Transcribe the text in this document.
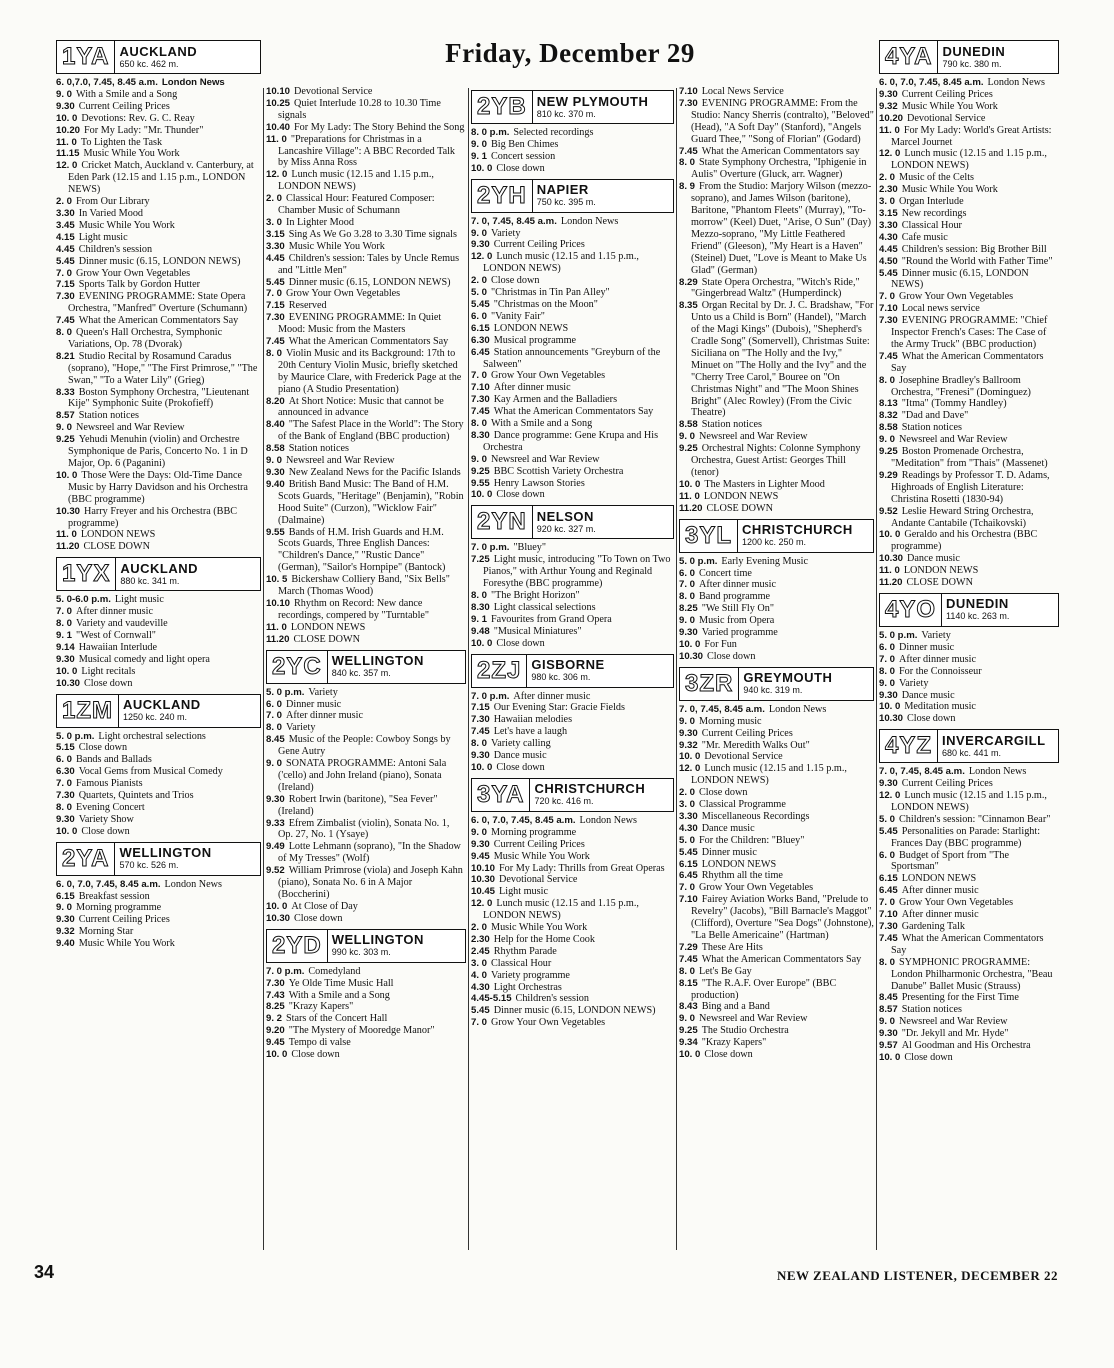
Friday, December 29
1YA AUCKLAND
650 kc. 462 m.
6. 0,7.0, 7.45, 8.45 a.m. London News
9. 0 With a Smile and a Song
9.30 Current Ceiling Prices
10. 0 Devotions: Rev. G. C. Reay
10.20 For My Lady: "Mr. Thunder"
11. 0 To Lighten the Task
11.15 Music While You Work
12. 0 Cricket Match, Auckland v. Canterbury, at Eden Park (12.15 and 1.15 p.m., LONDON NEWS)
2. 0 From Our Library
3.30 In Varied Mood
3.45 Music While You Work
4.15 Light music
4.45 Children's session
5.45 Dinner music (6.15, LONDON NEWS)
7. 0 Grow Your Own Vegetables
7.15 Sports Talk by Gordon Hutter
7.30 EVENING PROGRAMME: State Opera Orchestra, "Manfred" Overture (Schumann)
7.45 What the American Commentators Say
8. 0 Queen's Hall Orchestra, Symphonic Variations, Op. 78 (Dvorak)
8.21 Studio Recital by Rosamund Caradus (soprano), "Hope," "The First Primrose," "The Swan," "To a Water Lily" (Grieg)
8.33 Boston Symphony Orchestra, "Lieutenant Kije" Symphonic Suite (Prokofieff)
8.57 Station notices
9. 0 Newsreel and War Review
9.25 Yehudi Menuhin (violin) and Orchestre Symphonique de Paris, Concerto No. 1 in D Major, Op. 6 (Paganini)
10. 0 Those Were the Days: Old-Time Dance Music by Harry Davidson and his Orchestra (BBC programme)
10.30 Harry Freyer and his Orchestra (BBC programme)
11. 0 LONDON NEWS
11.20 CLOSE DOWN
1YX AUCKLAND
880 kc. 341 m.
5. 0-6.0 p.m. Light music
7. 0 After dinner music
8. 0 Variety and vaudeville
9. 1 "West of Cornwall"
9.14 Hawaiian Interlude
9.30 Musical comedy and light opera
10. 0 Light recitals
10.30 Close down
1ZM AUCKLAND
1250 kc. 240 m.
5. 0 p.m. Light orchestral selections
5.15 Close down
6. 0 Bands and Ballads
6.30 Vocal Gems from Musical Comedy
7. 0 Famous Pianists
7.30 Quartets, Quintets and Trios
8. 0 Evening Concert
9.30 Variety Show
10. 0 Close down
2YA WELLINGTON
570 kc. 526 m.
6. 0, 7.0, 7.45, 8.45 a.m. London News
6.15 Breakfast session
9. 0 Morning programme
9.30 Current Ceiling Prices
9.32 Morning Star
9.40 Music While You Work
10.10 Devotional Service
10.25 Quiet Interlude 10.28 to 10.30 Time signals
10.40 For My Lady: The Story Behind the Song
11. 0 "Preparations for Christmas in a Lancashire Village": A BBC Recorded Talk by Miss Anna Ross
12. 0 Lunch music (12.15 and 1.15 p.m., LONDON NEWS)
2. 0 Classical Hour: Featured Composer: Chamber Music of Schumann
3. 0 In Lighter Mood
3.15 Sing As We Go 3.28 to 3.30 Time signals
3.30 Music While You Work
4.45 Children's session: Tales by Uncle Remus and "Little Men"
5.45 Dinner music (6.15, LONDON NEWS)
7. 0 Grow Your Own Vegetables
7.15 Reserved
7.30 EVENING PROGRAMME: In Quiet Mood: Music from the Masters
7.45 What the American Commentators Say
8. 0 Violin Music and its Background: 17th to 20th Century Violin Music, briefly sketched by Maurice Clare, with Frederick Page at the piano (A Studio Presentation)
8.20 At Short Notice: Music that cannot be announced in advance
8.40 "The Safest Place in the World": The Story of the Bank of England (BBC production)
8.58 Station notices
9. 0 Newsreel and War Review
9.30 New Zealand News for the Pacific Islands
9.40 British Band Music: The Band of H.M. Scots Guards, "Heritage" (Benjamin), "Robin Hood Suite" (Curzon), "Wicklow Fair" (Dalmaine)
9.55 Bands of H.M. Irish Guards and H.M. Scots Guards, Three English Dances: "Children's Dance," "Rustic Dance" (German), "Sailor's Hornpipe" (Bantock)
10. 5 Bickershaw Colliery Band, "Six Bells" March (Thomas Wood)
10.10 Rhythm on Record: New dance recordings, compered by "Turntable"
11. 0 LONDON NEWS
11.20 CLOSE DOWN
2YC WELLINGTON
840 kc. 357 m.
5. 0 p.m. Variety
6. 0 Dinner music
7. 0 After dinner music
8. 0 Variety
8.45 Music of the People: Cowboy Songs by Gene Autry
9. 0 SONATA PROGRAMME: Antoni Sala ('cello) and John Ireland (piano), Sonata (Ireland)
9.30 Robert Irwin (baritone), "Sea Fever" (Ireland)
9.33 Efrem Zimbalist (violin), Sonata No. 1, Op. 27, No. 1 (Ysaye)
9.49 Lotte Lehmann (soprano), "In the Shadow of My Tresses" (Wolf)
9.52 William Primrose (viola) and Joseph Kahn (piano), Sonata No. 6 in A Major (Boccherini)
10. 0 At Close of Day
10.30 Close down
2YD WELLINGTON
990 kc. 303 m.
7. 0 p.m. Comedyland
7.30 Ye Olde Time Music Hall
7.43 With a Smile and a Song
8.25 "Krazy Kapers"
9. 2 Stars of the Concert Hall
9.20 "The Mystery of Mooredge Manor"
9.45 Tempo di valse
10. 0 Close down
2YB NEW PLYMOUTH
810 kc. 370 m.
8. 0 p.m. Selected recordings
9. 0 Big Ben Chimes
9. 1 Concert session
10. 0 Close down
2YH NAPIER
750 kc. 395 m.
7. 0, 7.45, 8.45 a.m. London News
9. 0 Variety
9.30 Current Ceiling Prices
12. 0 Lunch music (12.15 and 1.15 p.m., LONDON NEWS)
2. 0 Close down
5. 0 "Christmas in Tin Pan Alley"
5.45 "Christmas on the Moon"
6. 0 "Vanity Fair"
6.15 LONDON NEWS
6.30 Musical programme
6.45 Station announcements "Greyburn of the Salween"
7. 0 Grow Your Own Vegetables
7.10 After dinner music
7.30 Kay Armen and the Balladiers
7.45 What the American Commentators Say
8. 0 With a Smile and a Song
8.30 Dance programme: Gene Krupa and His Orchestra
9. 0 Newsreel and War Review
9.25 BBC Scottish Variety Orchestra
9.55 Henry Lawson Stories
10. 0 Close down
2YN NELSON
920 kc. 327 m.
7. 0 p.m. "Bluey"
7.25 Light music, introducing "To Town on Two Pianos," with Arthur Young and Reginald Foresythe (BBC programme)
8. 0 "The Bright Horizon"
8.30 Light classical selections
9. 1 Favourites from Grand Opera
9.48 "Musical Miniatures"
10. 0 Close down
2ZJ GISBORNE
980 kc. 306 m.
7. 0 p.m. After dinner music
7.15 Our Evening Star: Gracie Fields
7.30 Hawaiian melodies
7.45 Let's have a laugh
8. 0 Variety calling
9.30 Dance music
10. 0 Close down
3YA CHRISTCHURCH
720 kc. 416 m.
6. 0, 7.0, 7.45, 8.45 a.m. London News
9. 0 Morning programme
9.30 Current Ceiling Prices
9.45 Music While You Work
10.10 For My Lady: Thrills from Great Operas
10.30 Devotional Service
10.45 Light music
12. 0 Lunch music (12.15 and 1.15 p.m., LONDON NEWS)
2. 0 Music While You Work
2.30 Help for the Home Cook
2.45 Rhythm Parade
3. 0 Classical Hour
4. 0 Variety programme
4.30 Light Orchestras
4.45-5.15 Children's session
5.45 Dinner music (6.15, LONDON NEWS)
7. 0 Grow Your Own Vegetables
7.10 Local News Service
7.30 EVENING PROGRAMME: From the Studio: Nancy Sherris (contralto), "Beloved" (Head), "A Soft Day" (Stanford), "Angels Guard Thee," "Song of Florian" (Godard)
7.45 What the American Commentators say
8. 0 State Symphony Orchestra, "Iphigenie in Aulis" Overture (Gluck, arr. Wagner)
8. 9 From the Studio: Marjory Wilson (mezzo-soprano), and James Wilson (baritone), Baritone, "Phantom Fleets" (Murray), "To-morrow" (Keel) Duet, "Arise, O Sun" (Day) Mezzo-soprano, "My Little Feathered Friend" (Gleeson), "My Heart is a Haven" (Steinel) Duet, "Love is Meant to Make Us Glad" (German)
8.29 State Opera Orchestra, "Witch's Ride," "Gingerbread Waltz" (Humperdinck)
8.35 Organ Recital by Dr. J. C. Bradshaw, "For Unto us a Child is Born" (Handel), "March of the Magi Kings" (Dubois), "Shepherd's Cradle Song" (Somervell), Christmas Suite: Siciliana on "The Holly and the Ivy," Minuet on "The Holly and the Ivy" and the "Cherry Tree Carol," Bouree on "On Christmas Night" and "The Moon Shines Bright" (Alec Rowley) (From the Civic Theatre)
8.58 Station notices
9. 0 Newsreel and War Review
9.25 Orchestral Nights: Colonne Symphony Orchestra, Guest Artist: Georges Thill (tenor)
10. 0 The Masters in Lighter Mood
11. 0 LONDON NEWS
11.20 CLOSE DOWN
3YL CHRISTCHURCH
1200 kc. 250 m.
5. 0 p.m. Early Evening Music
6. 0 Concert time
7. 0 After dinner music
8. 0 Band programme
8.25 "We Still Fly On"
9. 0 Music from Opera
9.30 Varied programme
10. 0 For Fun
10.30 Close down
3ZR GREYMOUTH
940 kc. 319 m.
7. 0, 7.45, 8.45 a.m. London News
9. 0 Morning music
9.30 Current Ceiling Prices
9.32 "Mr. Meredith Walks Out"
10. 0 Devotional Service
12. 0 Lunch music (12.15 and 1.15 p.m., LONDON NEWS)
2. 0 Close down
3. 0 Classical Programme
3.30 Miscellaneous Recordings
4.30 Dance music
5. 0 For the Children: "Bluey"
5.45 Dinner music
6.15 LONDON NEWS
6.45 Rhythm all the time
7. 0 Grow Your Own Vegetables
7.10 Fairey Aviation Works Band, "Prelude to Revelry" (Jacobs), "Bill Barnacle's Maggot" (Clifford), Overture "Sea Dogs" (Johnstone), "La Belle Americaine" (Hartman)
7.29 These Are Hits
7.45 What the American Commentators Say
8. 0 Let's Be Gay
8.15 "The R.A.F. Over Europe" (BBC production)
8.43 Bing and a Band
9. 0 Newsreel and War Review
9.25 The Studio Orchestra
9.34 "Krazy Kapers"
10. 0 Close down
4YA DUNEDIN
790 kc. 380 m.
6. 0, 7.0, 7.45, 8.45 a.m. London News
9.30 Current Ceiling Prices
9.32 Music While You Work
10.20 Devotional Service
11. 0 For My Lady: World's Great Artists: Marcel Journet
12. 0 Lunch music (12.15 and 1.15 p.m., LONDON NEWS)
2. 0 Music of the Celts
2.30 Music While You Work
3. 0 Organ Interlude
3.15 New recordings
3.30 Classical Hour
4.30 Cafe music
4.45 Children's session: Big Brother Bill
4.50 "Round the World with Father Time"
5.45 Dinner music (6.15, LONDON NEWS)
7. 0 Grow Your Own Vegetables
7.10 Local news service
7.30 EVENING PROGRAMME: "Chief Inspector French's Cases: The Case of the Army Truck" (BBC production)
7.45 What the American Commentators Say
8. 0 Josephine Bradley's Ballroom Orchestra, "Frenesi" (Dominguez)
8.13 "Itma" (Tommy Handley)
8.32 "Dad and Dave"
8.58 Station notices
9. 0 Newsreel and War Review
9.25 Boston Promenade Orchestra, "Meditation" from "Thais" (Massenet)
9.29 Readings by Professor T. D. Adams, Highroads of English Literature: Christina Rosetti (1830-94)
9.52 Leslie Heward String Orchestra, Andante Cantabile (Tchaikovski)
10. 0 Geraldo and his Orchestra (BBC programme)
10.30 Dance music
11. 0 LONDON NEWS
11.20 CLOSE DOWN
4YO DUNEDIN
1140 kc. 263 m.
5. 0 p.m. Variety
6. 0 Dinner music
7. 0 After dinner music
8. 0 For the Connoisseur
9. 0 Variety
9.30 Dance music
10. 0 Meditation music
10.30 Close down
4YZ INVERCARGILL
680 kc. 441 m.
7. 0, 7.45, 8.45 a.m. London News
9.30 Current Ceiling Prices
12. 0 Lunch music (12.15 and 1.15 p.m., LONDON NEWS)
5. 0 Children's session: "Cinnamon Bear"
5.45 Personalities on Parade: Starlight: Frances Day (BBC programme)
6. 0 Budget of Sport from "The Sportsman"
6.15 LONDON NEWS
6.45 After dinner music
7. 0 Grow Your Own Vegetables
7.10 After dinner music
7.30 Gardening Talk
7.45 What the American Commentators Say
8. 0 SYMPHONIC PROGRAMME: London Philharmonic Orchestra, "Beau Danube" Ballet Music (Strauss)
8.45 Presenting for the First Time
8.57 Station notices
9. 0 Newsreel and War Review
9.30 "Dr. Jekyll and Mr. Hyde"
9.57 Al Goodman and His Orchestra
10. 0 Close down
34	NEW ZEALAND LISTENER, DECEMBER 22
